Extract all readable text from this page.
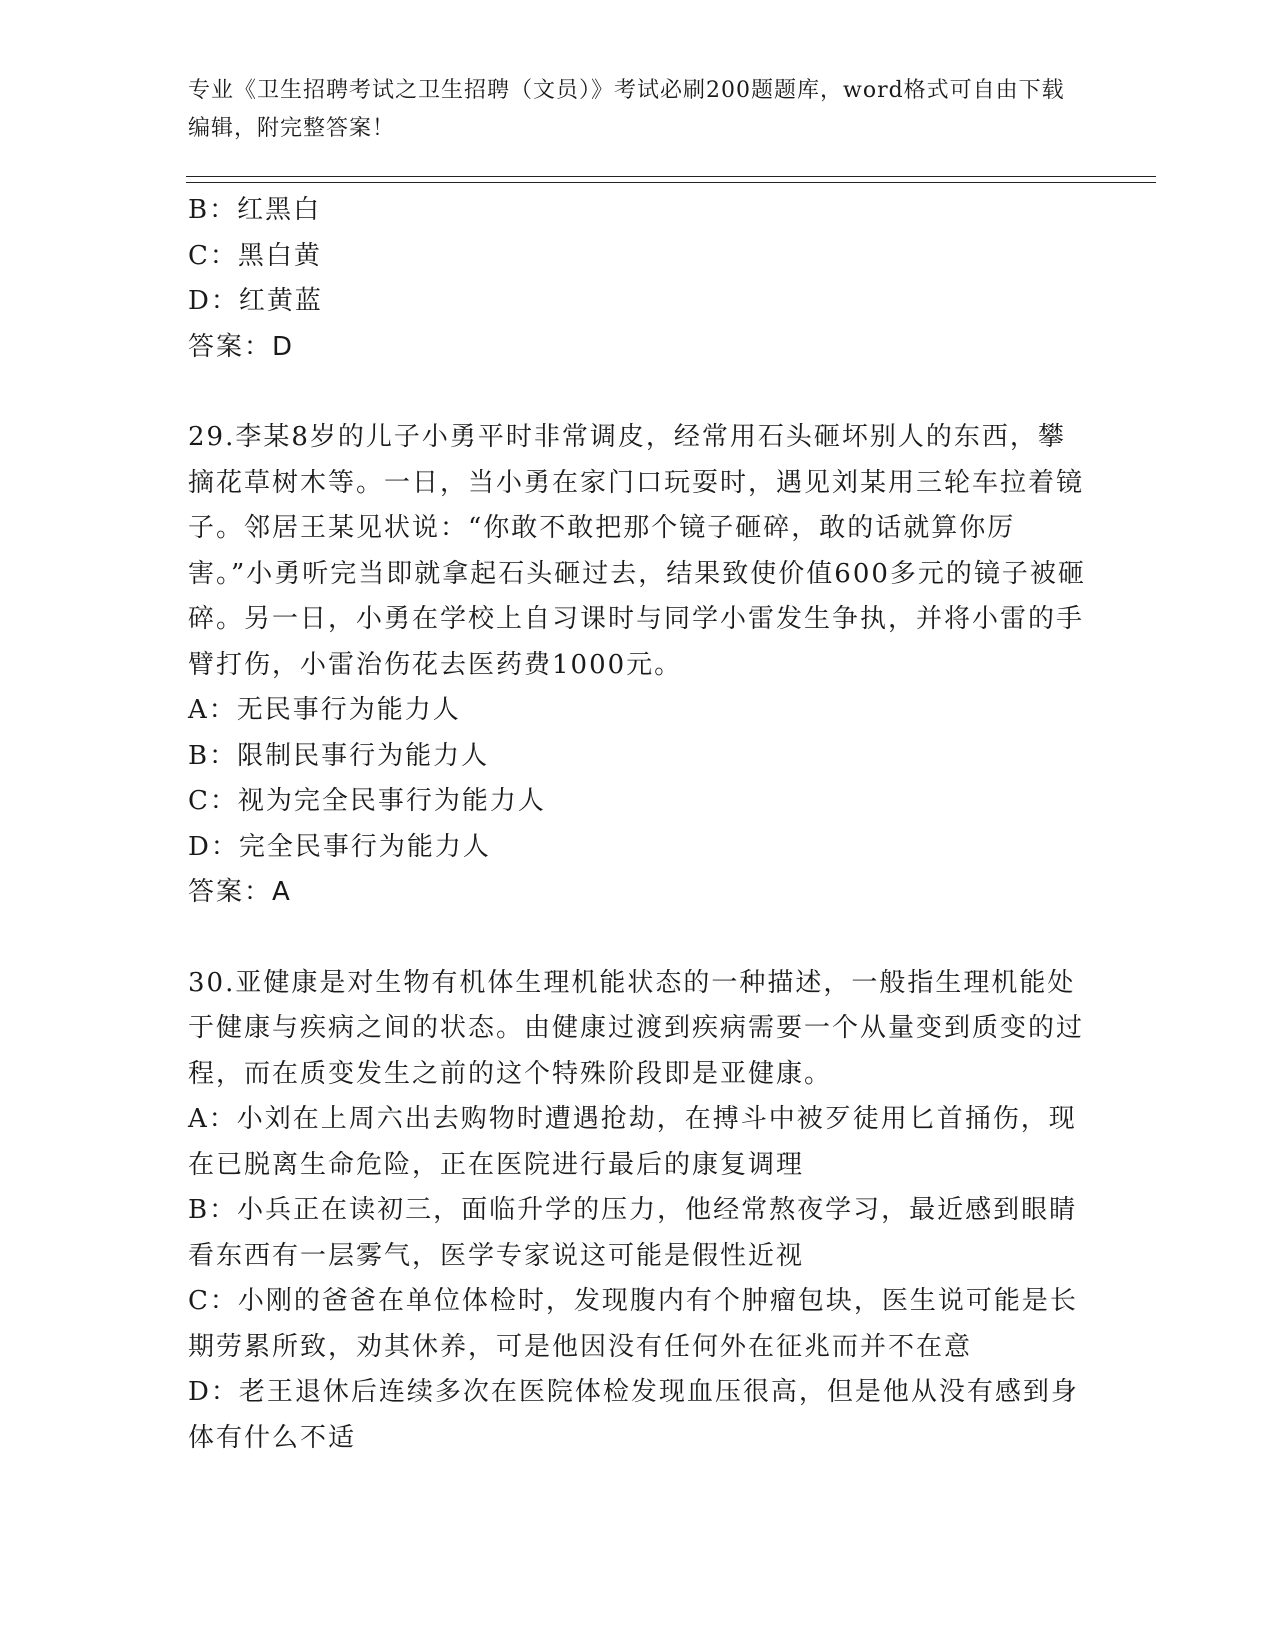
专业《卫生招聘考试之卫生招聘（文员）》考试必刷200题题库，word格式可自由下载编辑，附完整答案！

B：红黑白

C：黑白黄

D：红黄蓝

答案：D

29.李某8岁的儿子小勇平时非常调皮，经常用石头砸坏别人的东西，攀摘花草树木等。一日，当小勇在家门口玩耍时，遇见刘某用三轮车拉着镜子。邻居王某见状说：“你敢不敢把那个镜子砸碎，敢的话就算你厉害。”小勇听完当即就拿起石头砸过去，结果致使价值600多元的镜子被砸碎。另一日，小勇在学校上自习课时与同学小雷发生争执，并将小雷的手臂打伤，小雷治伤花去医药费1000元。

A：无民事行为能力人

B：限制民事行为能力人

C：视为完全民事行为能力人

D：完全民事行为能力人

答案：A

30.亚健康是对生物有机体生理机能状态的一种描述，一般指生理机能处于健康与疾病之间的状态。由健康过渡到疾病需要一个从量变到质变的过程，而在质变发生之前的这个特殊阶段即是亚健康。

A：小刘在上周六出去购物时遭遇抢劫，在搏斗中被歹徒用匕首捅伤，现在已脱离生命危险，正在医院进行最后的康复调理

B：小兵正在读初三，面临升学的压力，他经常熬夜学习，最近感到眼睛看东西有一层雾气，医学专家说这可能是假性近视

C：小刚的爸爸在单位体检时，发现腹内有个肿瘤包块，医生说可能是长期劳累所致，劝其休养，可是他因没有任何外在征兆而并不在意

D：老王退休后连续多次在医院体检发现血压很高，但是他从没有感到身体有什么不适
